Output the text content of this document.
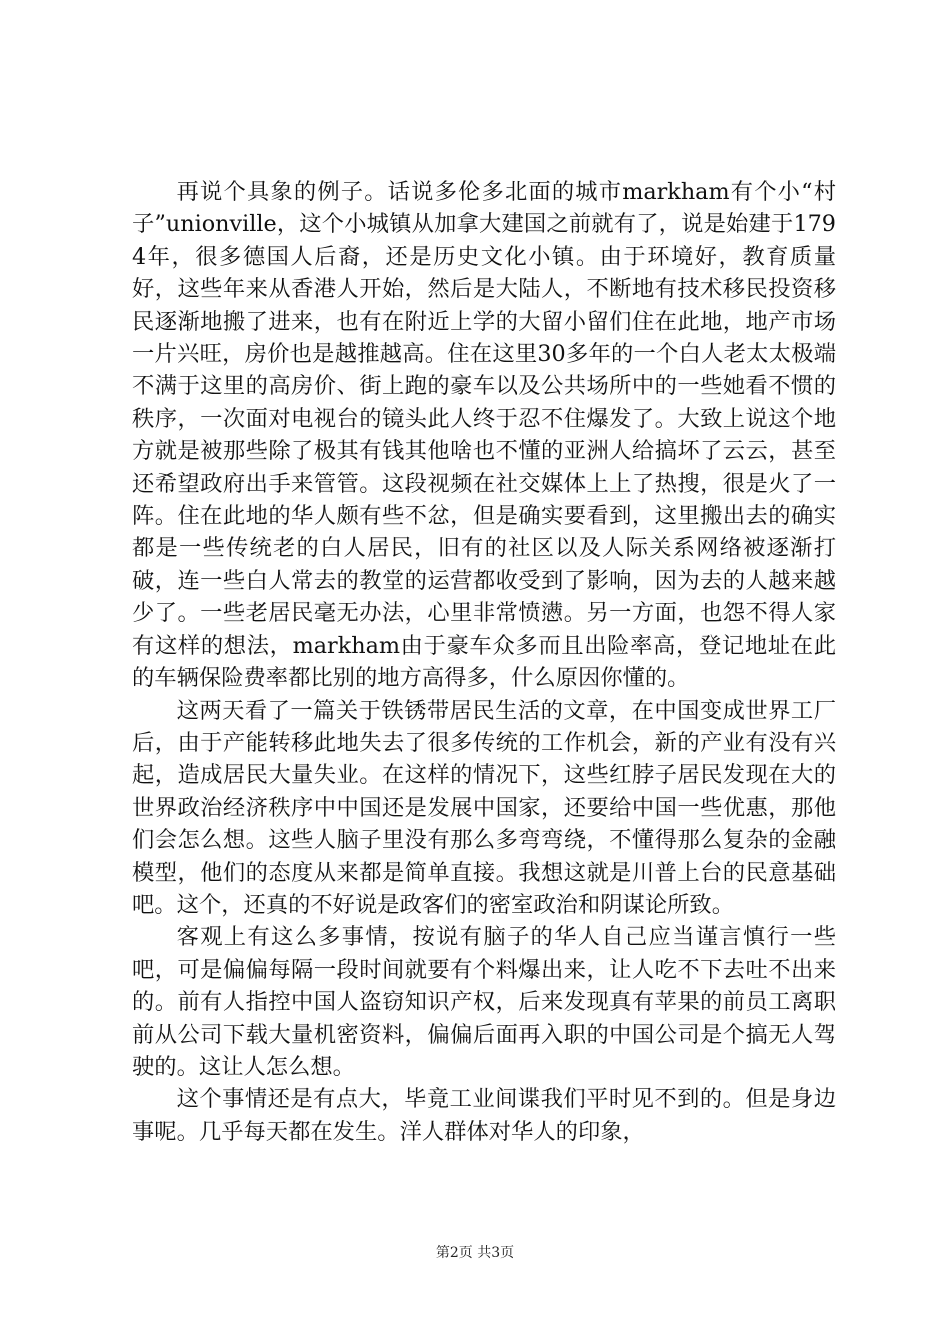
再说个具象的例子。话说多伦多北面的城市markham有个小“村子”unionville，这个小城镇从加拿大建国之前就有了，说是始建于1794年，很多德国人后裔，还是历史文化小镇。由于环境好，教育质量好，这些年来从香港人开始，然后是大陆人，不断地有技术移民投资移民逐渐地搬了进来，也有在附近上学的大留小留们住在此地，地产市场一片兴旺，房价也是越推越高。住在这里30多年的一个白人老太太极端不满于这里的高房价、街上跑的豪车以及公共场所中的一些她看不惯的秩序，一次面对电视台的镜头此人终于忍不住爆发了。大致上说这个地方就是被那些除了极其有钱其他啥也不懂的亚洲人给搞坏了云云，甚至还希望政府出手来管管。这段视频在社交媒体上上了热搜，很是火了一阵。住在此地的华人颇有些不忿，但是确实要看到，这里搬出去的确实都是一些传统老的白人居民，旧有的社区以及人际关系网络被逐渐打破，连一些白人常去的教堂的运营都收受到了影响，因为去的人越来越少了。一些老居民毫无办法，心里非常愤懑。另一方面，也怨不得人家有这样的想法，markham由于豪车众多而且出险率高，登记地址在此的车辆保险费率都比别的地方高得多，什么原因你懂的。

这两天看了一篇关于铁锈带居民生活的文章，在中国变成世界工厂后，由于产能转移此地失去了很多传统的工作机会，新的产业有没有兴起，造成居民大量失业。在这样的情况下，这些红脖子居民发现在大的世界政治经济秩序中中国还是发展中国家，还要给中国一些优惠，那他们会怎么想。这些人脑子里没有那么多弯弯绕，不懂得那么复杂的金融模型，他们的态度从来都是简单直接。我想这就是川普上台的民意基础吧。这个，还真的不好说是政客们的密室政治和阴谋论所致。

客观上有这么多事情，按说有脑子的华人自己应当谨言慎行一些吧，可是偏偏每隔一段时间就要有个料爆出来，让人吃不下去吐不出来的。前有人指控中国人盗窃知识产权，后来发现真有苹果的前员工离职前从公司下载大量机密资料，偏偏后面再入职的中国公司是个搞无人驾驶的。这让人怎么想。

这个事情还是有点大，毕竟工业间谍我们平时见不到的。但是身边事呢。几乎每天都在发生。洋人群体对华人的印象，

第2页 共3页
